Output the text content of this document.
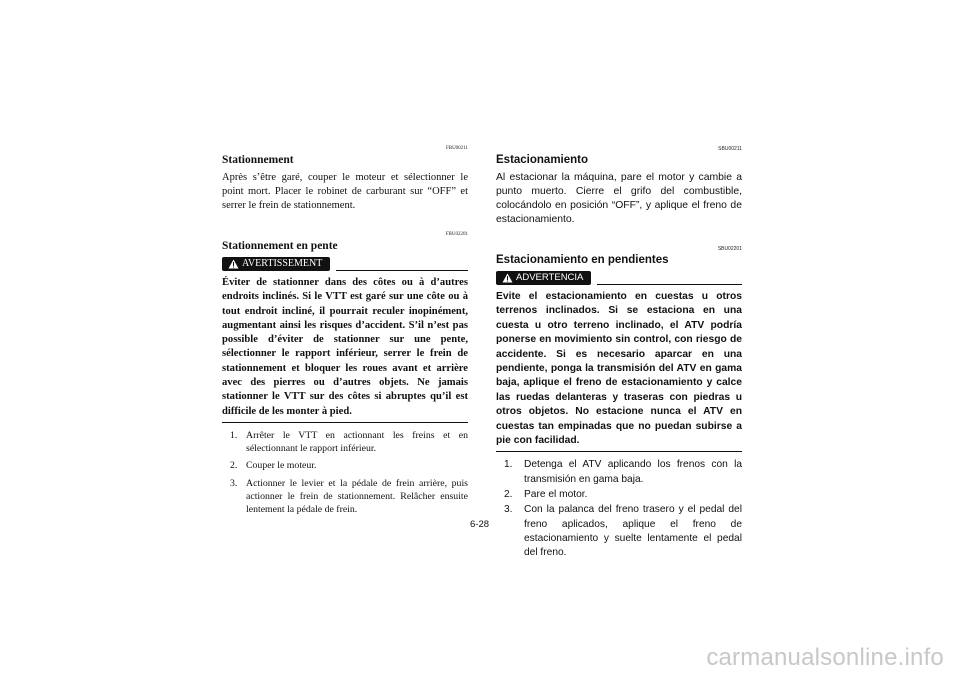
FBU00211
Stationnement

Après s’être garé, couper le moteur et sélectionner le point mort. Placer le robinet de carburant sur “OFF” et serrer le frein de stationnement.

FBU02201
Stationnement en pente
AVERTISSEMENT

Éviter de stationner dans des côtes ou à d’autres endroits inclinés. Si le VTT est garé sur une côte ou à tout endroit incliné, il pourrait reculer inopinément, augmentant ainsi les risques d’accident. S’il n’est pas possible d’éviter de stationner sur une pente, sélectionner le rapport inférieur, serrer le frein de stationnement et bloquer les roues avant et arrière avec des pierres ou d’autres objets. Ne jamais stationner le VTT sur des côtes si abruptes qu’il est difficile de les monter à pied.

1. Arrêter le VTT en actionnant les freins et en sélectionnant le rapport inférieur.
2. Couper le moteur.
3. Actionner le levier et la pédale de frein arrière, puis actionner le frein de stationnement. Relâcher ensuite lentement la pédale de frein.
SBU00211
Estacionamiento

Al estacionar la máquina, pare el motor y cambie a punto muerto. Cierre el grifo del combustible, colocándolo en posición “OFF”, y aplique el freno de estacionamiento.

SBU02201
Estacionamiento en pendientes
ADVERTENCIA

Evite el estacionamiento en cuestas u otros terrenos inclinados. Si se estaciona en una cuesta u otro terreno inclinado, el ATV podría ponerse en movimiento sin control, con riesgo de accidente. Si es necesario aparcar en una pendiente, ponga la transmisión del ATV en gama baja, aplique el freno de estacionamiento y calce las ruedas delanteras y traseras con piedras u otros objetos. No estacione nunca el ATV en cuestas tan empinadas que no puedan subirse a pie con facilidad.

1.	Detenga el ATV aplicando los frenos con la transmisión en gama baja.
2.	Pare el motor.
3.	Con la palanca del freno trasero y el pedal del freno aplicados, aplique el freno de estacionamiento y suelte lentamente el pedal del freno.
6-28
carmanualsonline.info
